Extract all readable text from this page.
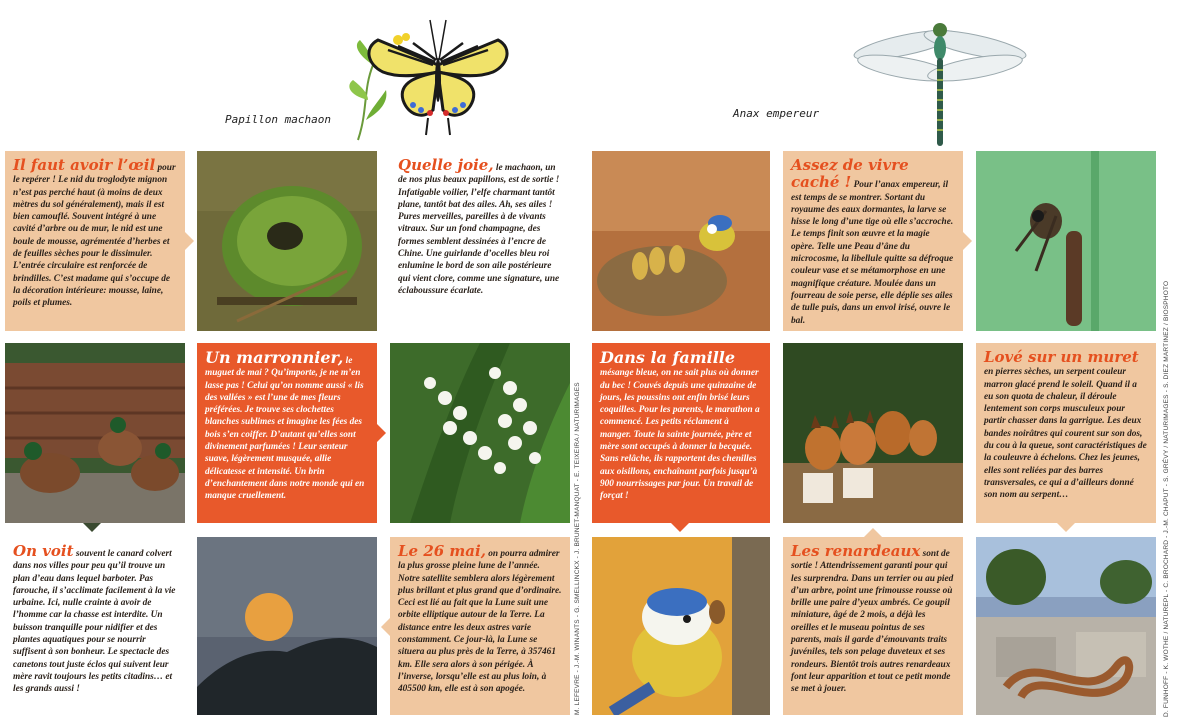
Papillon machaon	Anax empereur
Il faut avoir l’œil pour le repérer ! Le nid du troglodyte mignon n’est pas perché haut (à moins de deux mètres du sol généralement), mais il est bien camouflé. Souvent intégré à une cavité d’arbre ou de mur, le nid est une boule de mousse, agrémentée d’herbes et de feuilles sèches pour le dissimuler. L’entrée circulaire est renforcée de brindilles. C’est madame qui s’occupe de la décoration intérieure: mousse, laine, poils et plumes.
Quelle joie, le machaon, un de nos plus beaux papillons, est de sortie ! Infatigable voilier, l’elfe charmant tantôt plane, tantôt bat des ailes. Ah, ses ailes ! Pures merveilles, pareilles à de vivants vitraux. Sur un fond champagne, des formes semblent dessinées à l’encre de Chine. Une guirlande d’ocelles bleu roi enlumine le bord de son aile postérieure qui vient clore, comme une signature, une éclaboussure écarlate.
Assez de vivre caché ! Pour l’anax empereur, il est temps de se montrer. Sortant du royaume des eaux dormantes, la larve se hisse le long d’une tige où elle s’accroche. Le temps finit son œuvre et la magie opère. Telle une Peau d’âne du microcosme, la libellule quitte sa défroque couleur vase et se métamorphose en une magnifique créature. Moulée dans un fourreau de soie perse, elle déplie ses ailes de tulle puis, dans un envol irisé, ouvre le bal.
Un marronnier, le muguet de mai ? Qu’importe, je ne m’en lasse pas ! Celui qu’on nomme aussi « lis des vallées » est l’une de mes fleurs préférées. Je trouve ses clochettes blanches sublimes et imagine les fées des bois s’en coiffer. D’autant qu’elles sont divinement parfumées ! Leur senteur suave, légèrement musquée, allie délicatesse et intensité. Un brin d’enchantement dans notre monde qui en manque cruellement.
Dans la famille mésange bleue, on ne sait plus où donner du bec ! Couvés depuis une quinzaine de jours, les poussins ont enfin brisé leurs coquilles. Pour les parents, le marathon a commencé. Les petits réclament à manger. Toute la sainte journée, père et mère sont occupés à donner la becquée. Sans relâche, ils rapportent des chenilles aux oisillons, enchaînant parfois jusqu’à 900 nourrissages par jour. Un travail de forçat !
Lové sur un muret en pierres sèches, un serpent couleur marron glacé prend le soleil. Quand il a eu son quota de chaleur, il déroule lentement son corps musculeux pour partir chasser dans la garrigue. Les deux bandes noirâtres qui courent sur son dos, du cou à la queue, sont caractéristiques de la couleuvre à échelons. Chez les jeunes, elles sont reliées par des barres transversales, ce qui a d’ailleurs donné son nom au serpent…
On voit souvent le canard colvert dans nos villes pour peu qu’il trouve un plan d’eau dans lequel barboter. Pas farouche, il s’acclimate facilement à la vie urbaine. Ici, nulle crainte à avoir de l’homme car la chasse est interdite. Un buisson tranquille pour nidifier et des plantes aquatiques pour se nourrir suffisent à son bonheur. Le spectacle des canetons tout juste éclos qui suivent leur mère ravit toujours les petits citadins… et les grands aussi !
Le 26 mai, on pourra admirer la plus grosse pleine lune de l’année. Notre satellite semblera alors légèrement plus brillant et plus grand que d’ordinaire. Ceci est lié au fait que la Lune suit une orbite elliptique autour de la Terre. La distance entre les deux astres varie constamment. Ce jour-là, la Lune se situera au plus près de la Terre, à 357461 km. Elle sera alors à son périgée. À l’inverse, lorsqu’elle est au plus loin, à 405500 km, elle est à son apogée.
Les renardeaux sont de sortie ! Attendrissement garanti pour qui les surprendra. Dans un terrier ou au pied d’un arbre, point une frimousse rousse où brille une paire d’yeux ambrés. Ce goupil miniature, âgé de 2 mois, a déjà les oreilles et le museau pointus de ses parents, mais il garde d’émouvants traits juvéniles, tels son pelage duveteux et ses rondeurs. Bientôt trois autres renardeaux font leur apparition et tout ce petit monde se met à jouer.
M. LEFEVRE - J.-M. WINANTS - G. SMELLINCKX - J. BRUNET-MANQUAT - E. TEIXEIRA / NATURIMAGES	D. FUNHOFF - K. WOTHE / NATUREPL - C. BROCHARD - J.-M. CHAPUT - S. GRÉVY / NATURIMAGES - S. DIEZ MARTINEZ / BIOSPHOTO
